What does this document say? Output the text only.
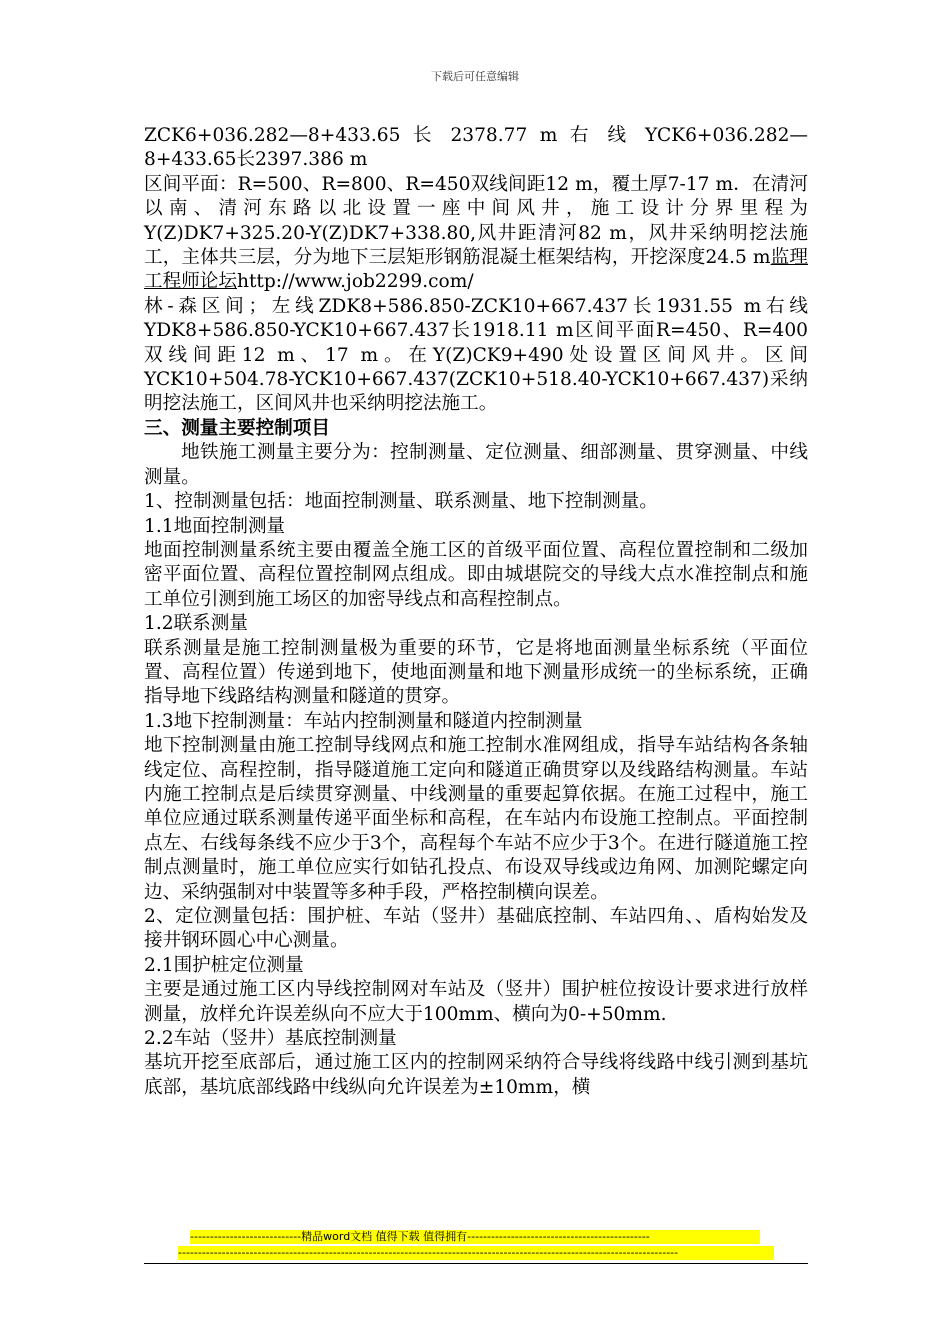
下载后可任意编辑

ZCK6+036.282—8+433.65 长 2378.77 m 右 线 YCK6+036.282—8+433.65长2397.386 m

区间平面：R=500、R=800、R=450双线间距12 m，覆土厚7-17 m．在清河以南、清河东路以北设置一座中间风井，施工设计分界里程为Y(Z)DK7+325.20-Y(Z)DK7+338.80,风井距清河82 m，风井采纳明挖法施工，主体共三层，分为地下三层矩形钢筋混凝土框架结构，开挖深度24.5 m监理工程师论坛http://www.job2299.com/

林-森区间；左线ZDK8+586.850-ZCK10+667.437长1931.55 m右线YDK8+586.850-YCK10+667.437长1918.11 m区间平面R=450、R=400双线间距12 m、17 m。在Y(Z)CK9+490处设置区间风井。区间YCK10+504.78-YCK10+667.437(ZCK10+518.40-YCK10+667.437)采纳明挖法施工，区间风井也采纳明挖法施工。

三、测量主要控制项目

地铁施工测量主要分为：控制测量、定位测量、细部测量、贯穿测量、中线测量。

1、控制测量包括：地面控制测量、联系测量、地下控制测量。

1.1地面控制测量

地面控制测量系统主要由覆盖全施工区的首级平面位置、高程位置控制和二级加密平面位置、高程位置控制网点组成。即由城堪院交的导线大点水准控制点和施工单位引测到施工场区的加密导线点和高程控制点。

1.2联系测量

联系测量是施工控制测量极为重要的环节，它是将地面测量坐标系统（平面位置、高程位置）传递到地下，使地面测量和地下测量形成统一的坐标系统，正确指导地下线路结构测量和隧道的贯穿。

1.3地下控制测量：车站内控制测量和隧道内控制测量

地下控制测量由施工控制导线网点和施工控制水准网组成，指导车站结构各条轴线定位、高程控制，指导隧道施工定向和隧道正确贯穿以及线路结构测量。车站内施工控制点是后续贯穿测量、中线测量的重要起算依据。在施工过程中，施工单位应通过联系测量传递平面坐标和高程，在车站内布设施工控制点。平面控制点左、右线每条线不应少于3个，高程每个车站不应少于3个。在进行隧道施工控制点测量时，施工单位应实行如钻孔投点、布设双导线或边角网、加测陀螺定向边、采纳强制对中装置等多种手段，严格控制横向误差。

2、定位测量包括：围护桩、车站（竖井）基础底控制、车站四角、、盾构始发及接井钢环圆心中心测量。

2.1围护桩定位测量

主要是通过施工区内导线控制网对车站及（竖井）围护桩位按设计要求进行放样测量，放样允许误差纵向不应大于100mm、横向为0-+50mm.

2.2车站（竖井）基底控制测量

基坑开挖至底部后，通过施工区内的控制网采纳符合导线将线路中线引测到基坑底部，基坑底部线路中线纵向允许误差为±10mm，横

----------------------------精品word文档 值得下载 值得拥有----------------------------------------------
------------------------------------------------------------------------------------------------------------------------------
